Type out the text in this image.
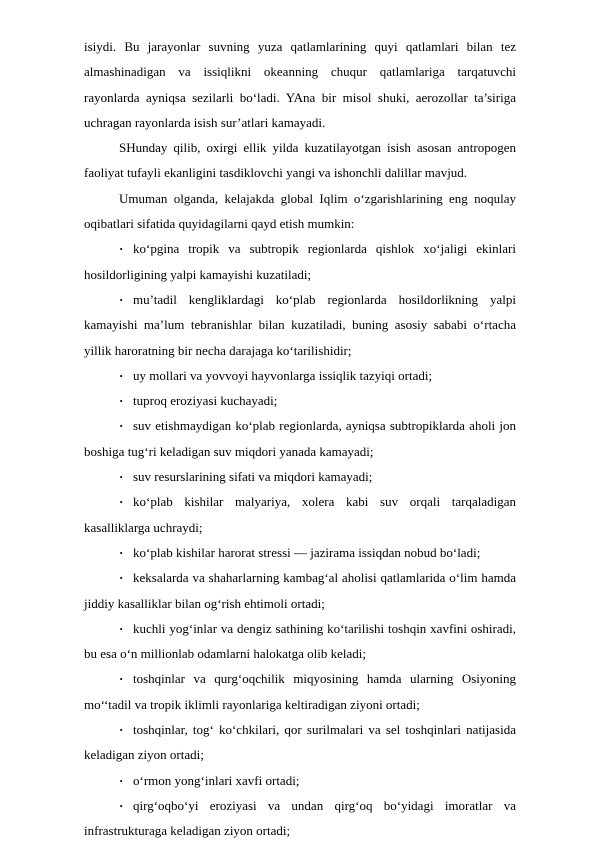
isiydi. Bu jarayonlar suvning yuza qatlamlarining quyi qatlamlari bilan tez almashinadigan va issiqlikni okeanning chuqur qatlamlariga tarqatuvchi rayonlarda ayniqsa sezilarli bo‘ladi. YAna bir misol shuki, aerozollar ta’siriga uchragan rayonlarda isish sur’atlari kamayadi.

SHunday qilib, oxirgi ellik yilda kuzatilayotgan isish asosan antropogen faoliyat tufayli ekanligini tasdiklovchi yangi va ishonchli dalillar mavjud.

Umuman olganda, kelajakda global Iqlim o‘zgarishlarining eng noqulay oqibatlari sifatida quyidagilarni qayd etish mumkin:

·ko‘pgina tropik va subtropik regionlarda qishlok xo‘jaligi ekinlari hosildorligining yalpi kamayishi kuzatiladi;

·mu’tadil kengliklardagi ko‘plab regionlarda hosildorlikning yalpi kamayishi ma’lum tebranishlar bilan kuzatiladi, buning asosiy sababi o‘rtacha yillik haroratning bir necha darajaga ko‘tarilishidir;

·uy mollari va yovvoyi hayvonlarga issiqlik tazyiqi ortadi;

·tuproq eroziyasi kuchayadi;

·suv etishmaydigan ko‘plab regionlarda, ayniqsa subtropiklarda aholi jon boshiga tug‘ri keladigan suv miqdori yanada kamayadi;

·suv resurslarining sifati va miqdori kamayadi;

·ko‘plab kishilar malyariya, xolera kabi suv orqali tarqaladigan kasalliklarga uchraydi;

·ko‘plab kishilar harorat stressi — jazirama issiqdan nobud bo‘ladi;

·keksalarda va shaharlarning kambag‘al aholisi qatlamlarida o‘lim hamda jiddiy kasalliklar bilan og‘rish ehtimoli ortadi;

·kuchli yog‘inlar va dengiz sathining ko‘tarilishi toshqin xavfini oshiradi, bu esa o‘n millionlab odamlarni halokatga olib keladi;

·toshqinlar va qurg‘oqchilik miqyosining hamda ularning Osiyoning mo‘‘tadil va tropik iklimli rayonlariga keltiradigan ziyoni ortadi;

·toshqinlar, tog‘ ko‘chkilari, qor surilmalari va sel toshqinlari natijasida keladigan ziyon ortadi;

·o‘rmon yong‘inlari xavfi ortadi;

·qirg‘oqbo‘yi eroziyasi va undan qirg‘oq bo‘yidagi imoratlar va infrastrukturaga keladigan ziyon ortadi;
